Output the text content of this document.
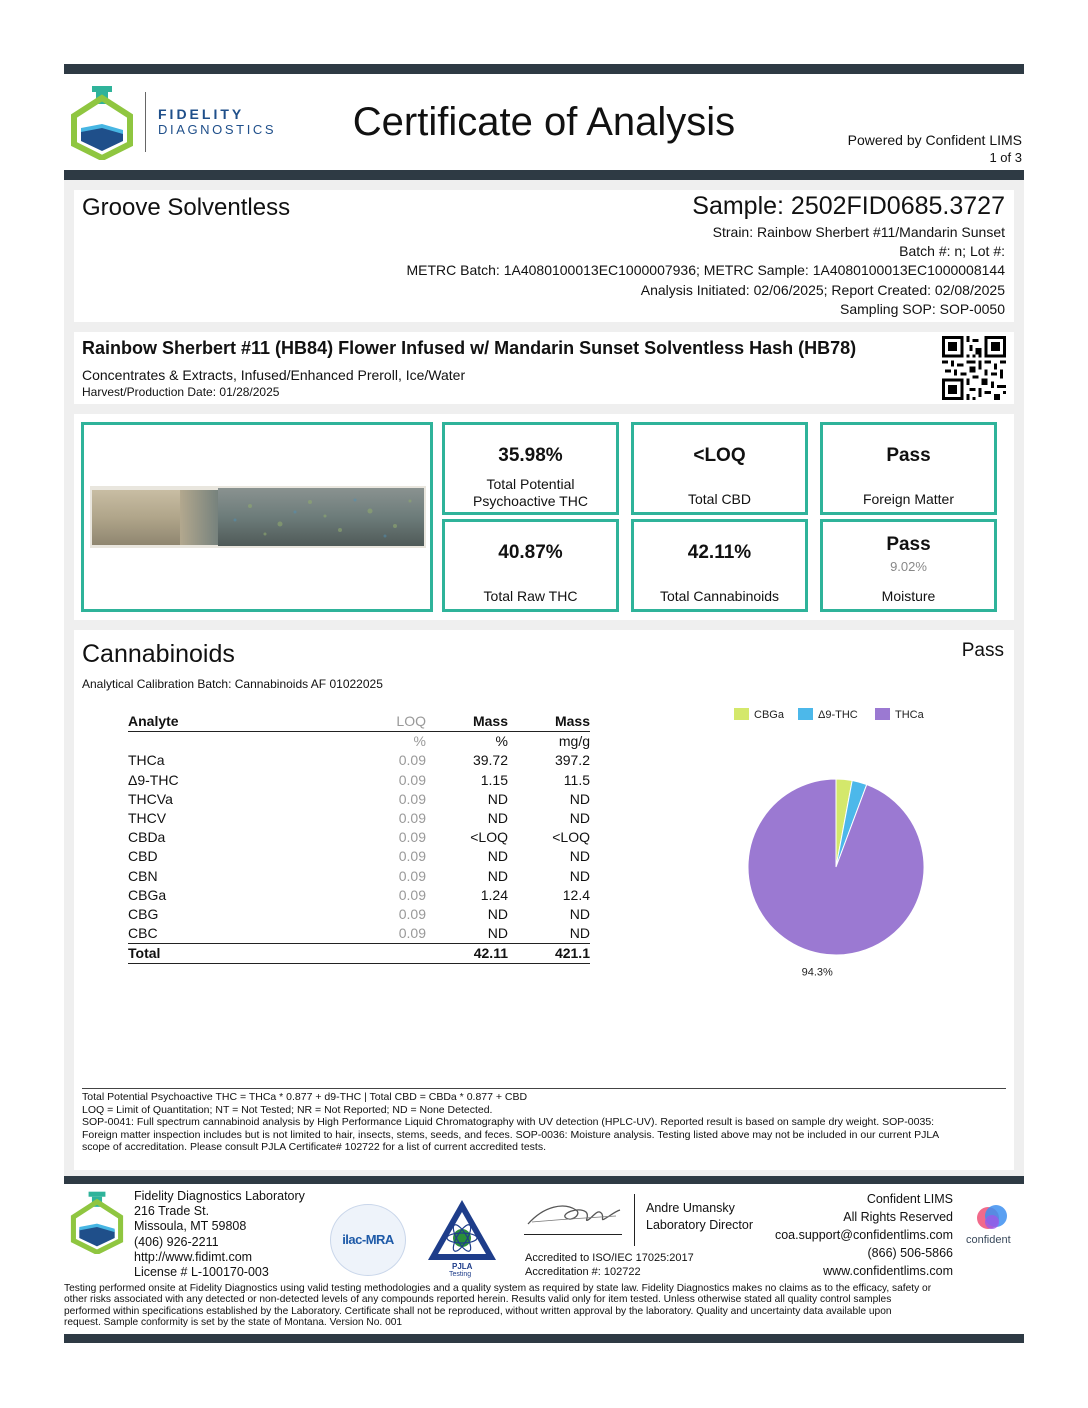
FIDELITY
DIAGNOSTICS	Certificate of Analysis	Powered by Confident LIMS
1 of 3
Groove Solventless	Sample: 2502FID0685.3727
Strain: Rainbow Sherbert #11/Mandarin Sunset
Batch #: n; Lot #:
METRC Batch: 1A4080100013EC1000007936; METRC Sample: 1A4080100013EC1000008144
Analysis Initiated: 02/06/2025; Report Created: 02/08/2025
Sampling SOP: SOP-0050
Rainbow Sherbert #11 (HB84) Flower Infused w/ Mandarin Sunset Solventless Hash (HB78)
Concentrates & Extracts, Infused/Enhanced Preroll, Ice/Water
Harvest/Production Date: 01/28/2025
35.98%
Total Potential
Psychoactive THC
<LOQ
Total CBD
Pass
Foreign Matter
40.87%
Total Raw THC
42.11%
Total Cannabinoids
Pass
9.02%
Moisture
Cannabinoids	Pass
Analytical Calibration Batch: Cannabinoids AF 01022025
Analyte	LOQ	Mass	Mass
	%	%	mg/g
THCa	0.09	39.72	397.2
Δ9-THC	0.09	1.15	11.5
THCVa	0.09	ND	ND
THCV	0.09	ND	ND
CBDa	0.09	<LOQ	<LOQ
CBD	0.09	ND	ND
CBN	0.09	ND	ND
CBGa	0.09	1.24	12.4
CBG	0.09	ND	ND
CBC	0.09	ND	ND
Total		42.11	421.1
CBGa	Δ9-THC	THCa
94.3%
Total Potential Psychoactive THC = THCa * 0.877 + d9-THC | Total CBD = CBDa * 0.877 + CBD
LOQ = Limit of Quantitation; NT = Not Tested; NR = Not Reported; ND = None Detected.
SOP-0041: Full spectrum cannabinoid analysis by High Performance Liquid Chromatography with UV detection (HPLC-UV). Reported result is based on sample dry weight. SOP-0035:
Foreign matter inspection includes but is not limited to hair, insects, stems, seeds, and feces. SOP-0036: Moisture analysis. Testing listed above may not be included in our current PJLA
scope of accreditation. Please consult PJLA Certificate# 102722 for a list of current accredited tests.
Fidelity Diagnostics Laboratory
216 Trade St.
Missoula, MT 59808
(406) 926-2211
http://www.fidimt.com
License # L-100170-003
ilac-MRA
PJLA
Testing
Andre Umansky
Laboratory Director
Accredited to ISO/IEC 17025:2017
Accreditation #: 102722
Confident LIMS
All Rights Reserved
coa.support@confidentlims.com
(866) 506-5866
www.confidentlims.com
confident
Testing performed onsite at Fidelity Diagnostics using valid testing methodologies and a quality system as required by state law. Fidelity Diagnostics makes no claims as to the efficacy, safety or
other risks associated with any detected or non-detected levels of any compounds reported herein. Results valid only for item tested. Unless otherwise stated all quality control samples
performed within specifications established by the Laboratory. Certificate shall not be reproduced, without written approval by the laboratory. Quality and uncertainty data available upon
request. Sample conformity is set by the state of Montana. Version No. 001
